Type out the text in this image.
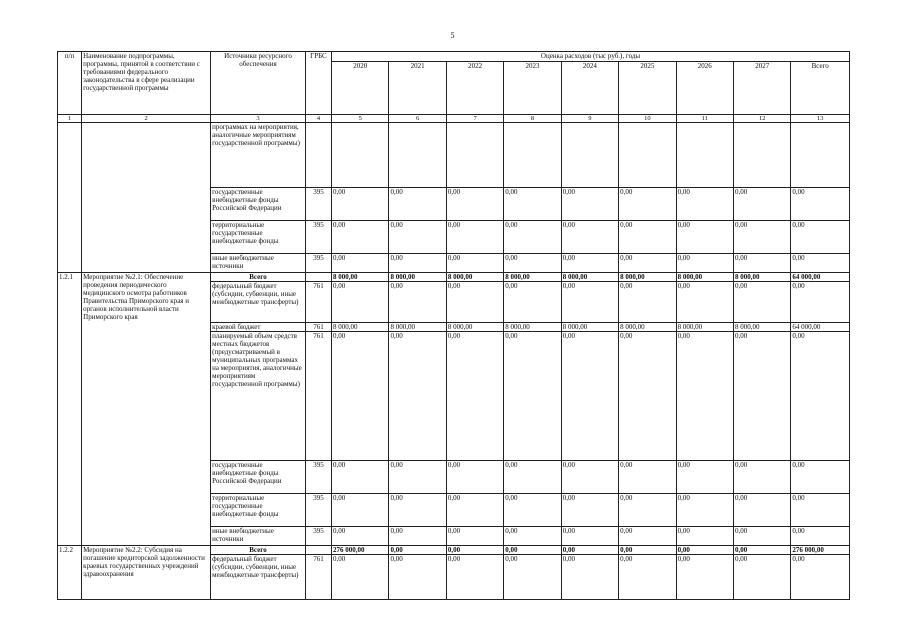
5
п/п	Наименование подпрограммы, программы, принятой в соответствии с требованиями федерального законодательства в сфере реализации государственной программы	Источники ресурсного обеспечения	ГРБС	Оценка расходов (тыс руб.), годы								
				2020	2021	2022	2023	2024	2025	2026	2027	Всего
1	2	3	4	5	6	7	8	9	10	11	12	13
		программах на мероприятия, аналогичные мероприятиям государственной программы)										
		государственные внебюджетные фонды Российской Федерации	395	0,00	0,00	0,00	0,00	0,00	0,00	0,00	0,00	0,00
		территориальные государственные внебюджетные фонды	395	0,00	0,00	0,00	0,00	0,00	0,00	0,00	0,00	0,00
		иные внебюджетные источники	395	0,00	0,00	0,00	0,00	0,00	0,00	0,00	0,00	0,00
1.2.1	Мероприятие №2.1: Обеспечение проведения периодического медицинского осмотра работников Правительства Приморского края и органов исполнительной власти Приморского края	Всего		8 000,00	8 000,00	8 000,00	8 000,00	8 000,00	8 000,00	8 000,00	8 000,00	64 000,00
		федеральный бюджет (субсидии, субвенции, иные межбюджетные трансферты)	761	0,00	0,00	0,00	0,00	0,00	0,00	0,00	0,00	0,00
		краевой бюджет	761	8 000,00	8 000,00	8 000,00	8 000,00	8 000,00	8 000,00	8 000,00	8 000,00	64 000,00
		планируемый объем средств местных бюджетов (предусматриваемый в муниципальных программах на мероприятия, аналогичные мероприятиям государственной программы)	761	0,00	0,00	0,00	0,00	0,00	0,00	0,00	0,00	0,00
		государственные внебюджетные фонды Российской Федерации	395	0,00	0,00	0,00	0,00	0,00	0,00	0,00	0,00	0,00
		территориальные государственные внебюджетные фонды	395	0,00	0,00	0,00	0,00	0,00	0,00	0,00	0,00	0,00
		иные внебюджетные источники	395	0,00	0,00	0,00	0,00	0,00	0,00	0,00	0,00	0,00
1.2.2	Мероприятие №2.2: Субсидия на погашение кредиторской задолженности краевых государственных учреждений здравоохранения	Всего		276 000,00	0,00	0,00	0,00	0,00	0,00	0,00	0,00	276 000,00
		федеральный бюджет (субсидии, субвенции, иные межбюджетные трансферты)	761	0,00	0,00	0,00	0,00	0,00	0,00	0,00	0,00	0,00
